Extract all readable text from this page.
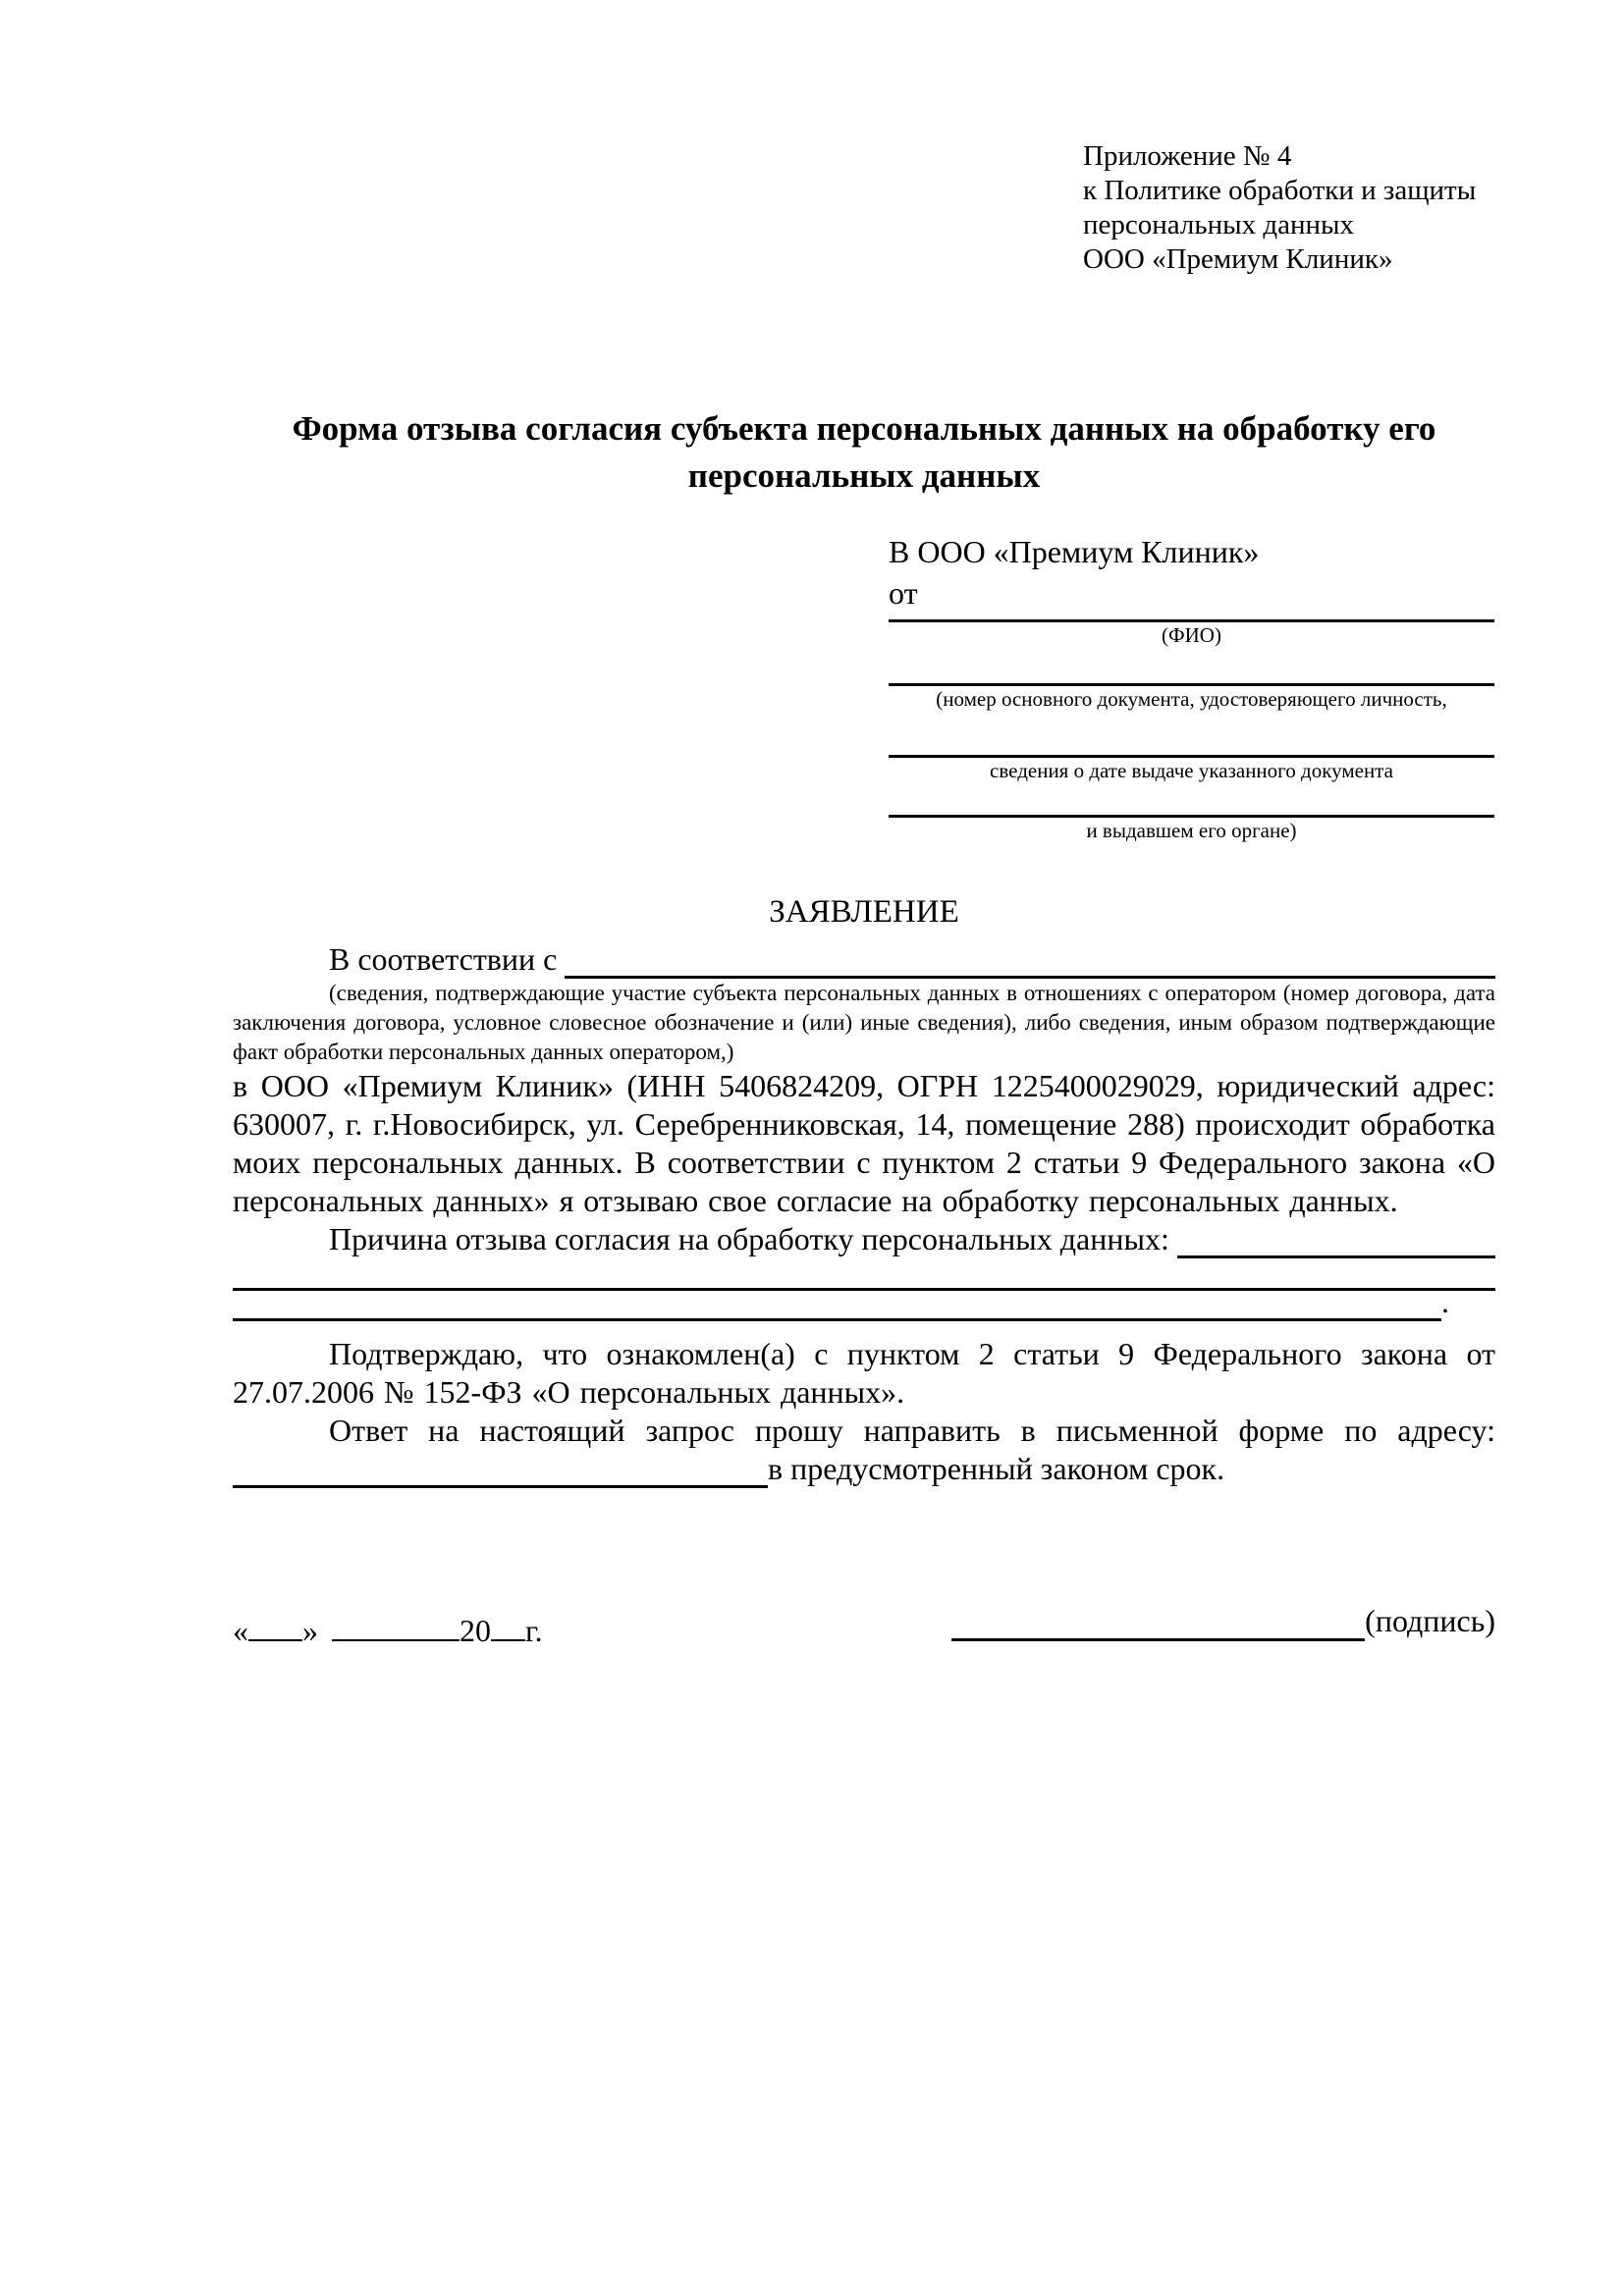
Приложение № 4
к Политике обработки и защиты
персональных данных
ООО «Премиум Клиник»
Форма отзыва согласия субъекта персональных данных на обработку его персональных данных
В ООО «Премиум Клиник»
от
(ФИО)
(номер основного документа, удостоверяющего личность,
сведения о дате выдаче указанного документа
и выдавшем его органе)
ЗАЯВЛЕНИЕ
В соответствии с

(сведения, подтверждающие участие субъекта персональных данных в отношениях с оператором (номер договора, дата заключения договора, условное словесное обозначение и (или) иные сведения), либо сведения, иным образом подтверждающие факт обработки персональных данных оператором,)

в ООО «Премиум Клиник» (ИНН 5406824209, ОГРН 1225400029029, юридический адрес: 630007, г. г.Новосибирск, ул. Серебренниковская, 14, помещение 288) происходит обработка моих персональных данных. В соответствии с пунктом 2 статьи 9 Федерального закона «О персональных данных» я отзываю свое согласие на обработку персональных данных.

Причина отзыва согласия на обработку персональных данных:
.

Подтверждаю, что ознакомлен(а) с пунктом 2 статьи 9 Федерального закона от 27.07.2006 № 152-ФЗ «О персональных данных».

Ответ на настоящий запрос прошу направить в письменной форме по адресу:

в предусмотренный законом срок.
« »	20 г.	(подпись)
